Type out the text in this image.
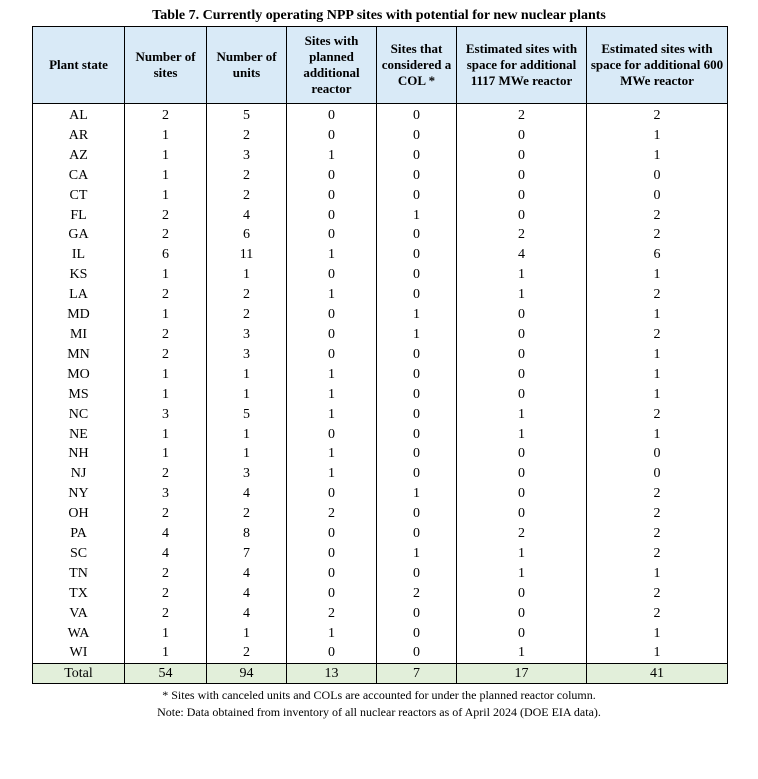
Table 7. Currently operating NPP sites with potential for new nuclear plants
Plant state	Number of sites	Number of units	Sites with planned additional reactor	Sites that considered a COL *	Estimated sites with space for additional 1117 MWe reactor	Estimated sites with space for additional 600 MWe reactor
AL	2	5	0	0	2	2
AR	1	2	0	0	0	1
AZ	1	3	1	0	0	1
CA	1	2	0	0	0	0
CT	1	2	0	0	0	0
FL	2	4	0	1	0	2
GA	2	6	0	0	2	2
IL	6	11	1	0	4	6
KS	1	1	0	0	1	1
LA	2	2	1	0	1	2
MD	1	2	0	1	0	1
MI	2	3	0	1	0	2
MN	2	3	0	0	0	1
MO	1	1	1	0	0	1
MS	1	1	1	0	0	1
NC	3	5	1	0	1	2
NE	1	1	0	0	1	1
NH	1	1	1	0	0	0
NJ	2	3	1	0	0	0
NY	3	4	0	1	0	2
OH	2	2	2	0	0	2
PA	4	8	0	0	2	2
SC	4	7	0	1	1	2
TN	2	4	0	0	1	1
TX	2	4	0	2	0	2
VA	2	4	2	0	0	2
WA	1	1	1	0	0	1
WI	1	2	0	0	1	1
Total	54	94	13	7	17	41
* Sites with canceled units and COLs are accounted for under the planned reactor column.
Note: Data obtained from inventory of all nuclear reactors as of April 2024 (DOE EIA data).
